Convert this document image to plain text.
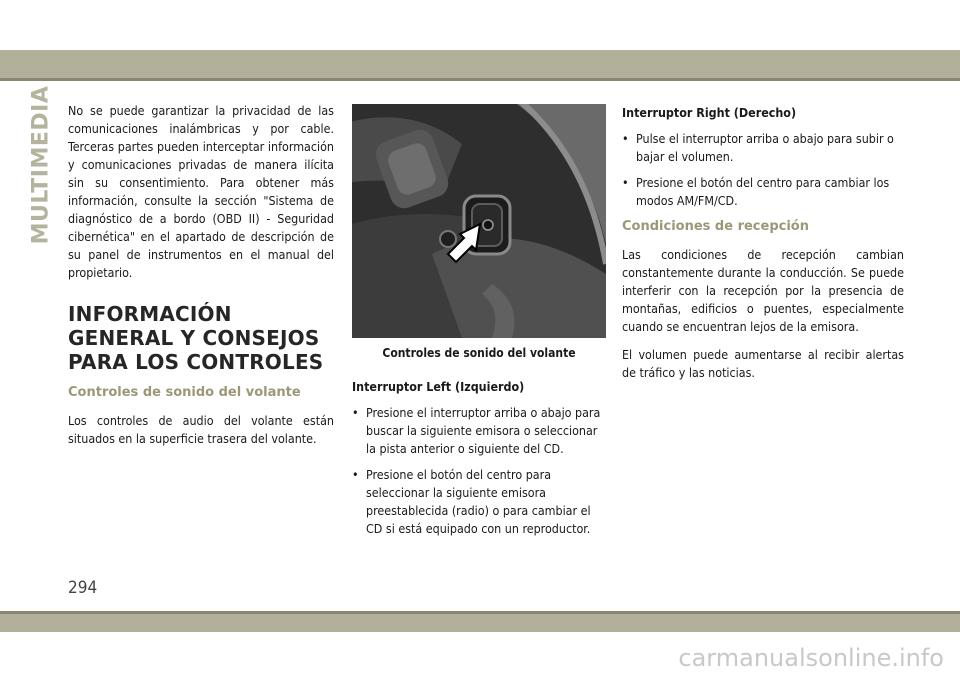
MULTIMEDIA No se puede garantizar la privacidad de las comunicaciones inalámbricas y por cable. Terceras partes pueden interceptar información y comunicaciones privadas de manera ilícita sin su consentimiento. Para obtener más información, consulte la sección "Sistema de diagnóstico de a bordo (OBD II) - Seguridad cibernética" en el apartado de descripción de su panel de instrumentos en el manual del propietario.

INFORMACIÓN GENERAL Y CONSEJOS PARA LOS CONTROLES
Controles de sonido del volante

Los controles de audio del volante están situados en la superficie trasera del volante.

Controles de sonido del volante
Interruptor Left (Izquierdo)
• Presione el interruptor arriba o abajo para buscar la siguiente emisora o seleccionar la pista anterior o siguiente del CD.
• Presione el botón del centro para seleccionar la siguiente emisora preestablecida (radio) o para cambiar el CD si está equipado con un reproductor.
Interruptor Right (Derecho)
• Pulse el interruptor arriba o abajo para subir o bajar el volumen.
• Presione el botón del centro para cambiar los modos AM/FM/CD.
Condiciones de recepción

Las condiciones de recepción cambian constantemente durante la conducción. Se puede interferir con la recepción por la presencia de montañas, edificios o puentes, especialmente cuando se encuentran lejos de la emisora.

El volumen puede aumentarse al recibir alertas de tráfico y las noticias.

294
carmanualsonline.info
